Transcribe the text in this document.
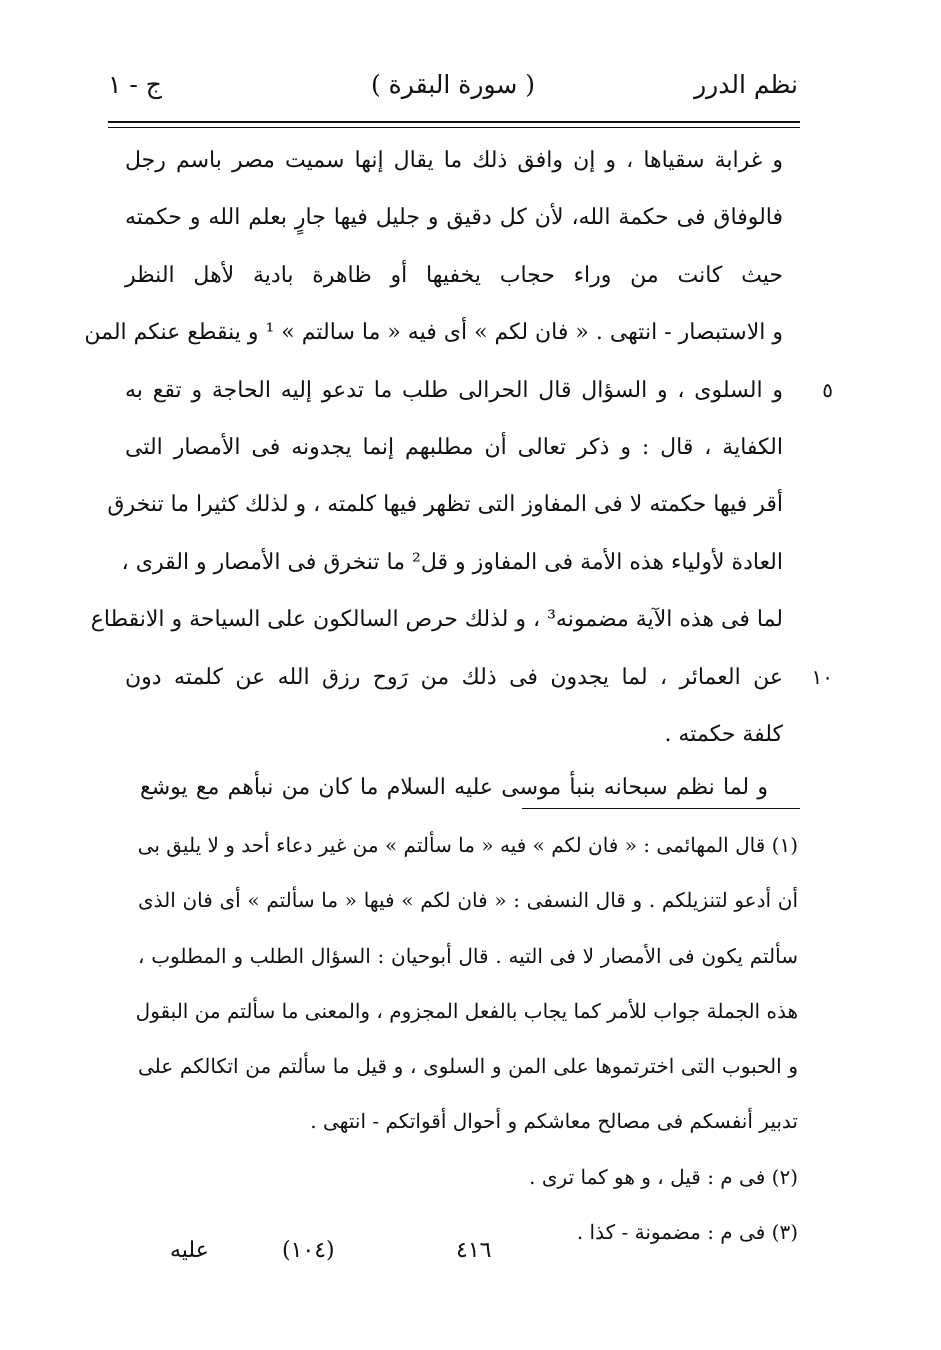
نظم الدرر
( سورة البقرة )
ج - ١
و غرابة سقياها ، و إن وافق ذلك ما يقال إنها سميت مصر باسم رجل
فالوفاق فى حكمة الله، لأن كل دقيق و جليل فيها جارٍ بعلم الله و حكمته
حيث كانت من وراء حجاب يخفيها أو ظاهرة بادية لأهل النظر
و الاستبصار - انتهى . « فان لكم » أى فيه « ما سالتم » ¹ و ينقطع عنكم المن
٥
و السلوى ، و السؤال قال الحرالى طلب ما تدعو إليه الحاجة و تقع به
الكفاية ، قال : و ذكر تعالى أن مطلبهم إنما يجدونه فى الأمصار التى
أقر فيها حكمته لا فى المفاوز التى تظهر فيها كلمته ، و لذلك كثيرا ما تنخرق
العادة لأولياء هذه الأمة فى المفاوز و قل² ما تنخرق فى الأمصار و القرى ،
لما فى هذه الآية مضمونه³ ، و لذلك حرص السالكون على السياحة و الانقطاع
١٠
عن العمائر ، لما يجدون فى ذلك من رَوح رزق الله عن كلمته دون
كلفة حكمته .
و لما نظم سبحانه بنبأ موسى عليه السلام ما كان من نبأهم مع يوشع
(١) قال المهائمى : « فان لكم » فيه « ما سألتم » من غير دعاء أحد و لا يليق بى
أن أدعو لتنزيلكم . و قال النسفى : « فان لكم » فيها « ما سألتم » أى فان الذى
سألتم يكون فى الأمصار لا فى التيه . قال أبوحيان : السؤال الطلب و المطلوب ،
هذه الجملة جواب للأمر كما يجاب بالفعل المجزوم ، والمعنى ما سألتم من البقول
و الحبوب التى اخترتموها على المن و السلوى ، و قيل ما سألتم من اتكالكم على
تدبير أنفسكم فى مصالح معاشكم و أحوال أقواتكم - انتهى .
(٢) فى م : قيل ، و هو كما ترى .
(٣) فى م : مضمونة - كذا .
٤١٦
(١٠٤)
عليه
